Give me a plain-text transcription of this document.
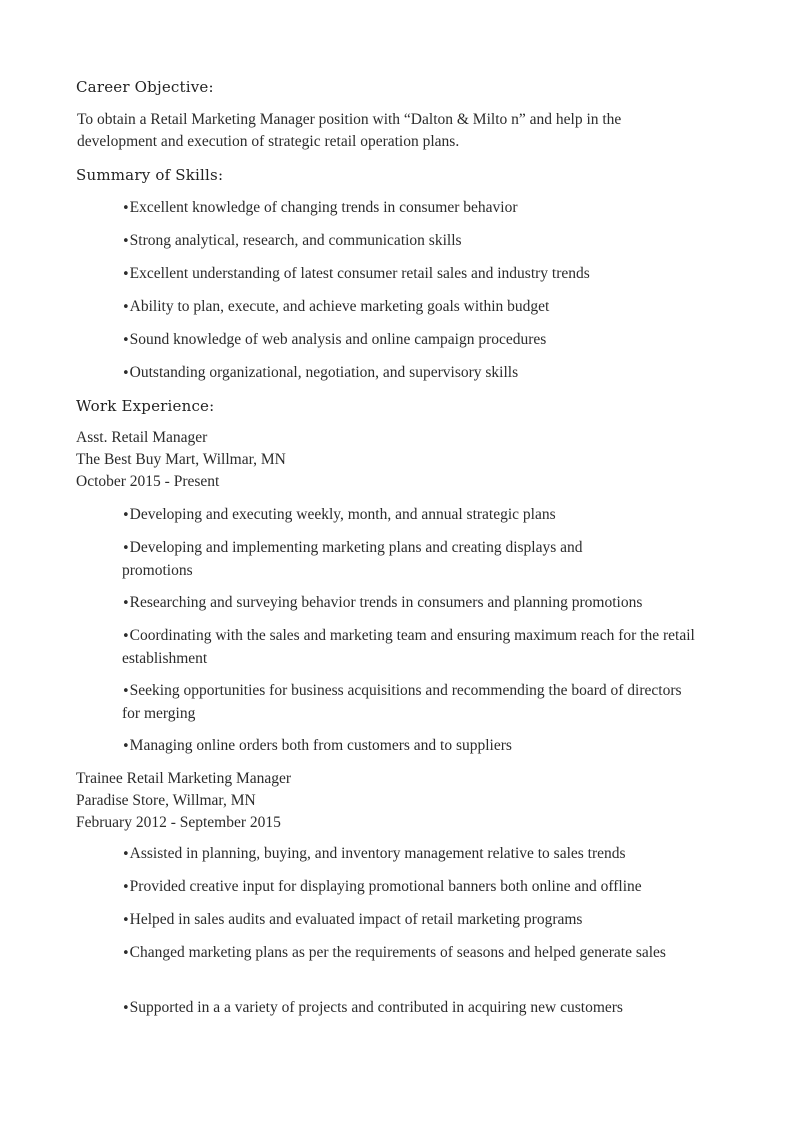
Career Objective:
To obtain a Retail Marketing Manager position with “Dalton & Milto n” and help in the
development and execution of strategic retail operation plans.
Summary of Skills:
•Excellent knowledge of changing trends in consumer behavior
•Strong analytical, research, and communication skills
•Excellent understanding of latest consumer retail sales and industry trends
•Ability to plan, execute, and achieve marketing goals within budget
•Sound knowledge of web analysis and online campaign procedures
•Outstanding organizational, negotiation, and supervisory skills
Work Experience:
Asst. Retail Manager
The Best Buy Mart, Willmar, MN
October 2015 - Present
•Developing and executing weekly, month, and annual strategic plans
•Developing and implementing marketing plans and creating displays and promotions
•Researching and surveying behavior trends in consumers and planning promotions
•Coordinating with the sales and marketing team and ensuring maximum reach for the retail establishment
•Seeking opportunities for business acquisitions and recommending the board of directors for merging
•Managing online orders both from customers and to suppliers
Trainee Retail Marketing Manager
Paradise Store, Willmar, MN
February 2012 - September 2015
•Assisted in planning, buying, and inventory management relative to sales trends
•Provided creative input for displaying promotional banners both online and offline
•Helped in sales audits and evaluated impact of retail marketing programs
•Changed marketing plans as per the requirements of seasons and helped generate sales
•Supported in a a variety of projects and contributed in acquiring new customers
